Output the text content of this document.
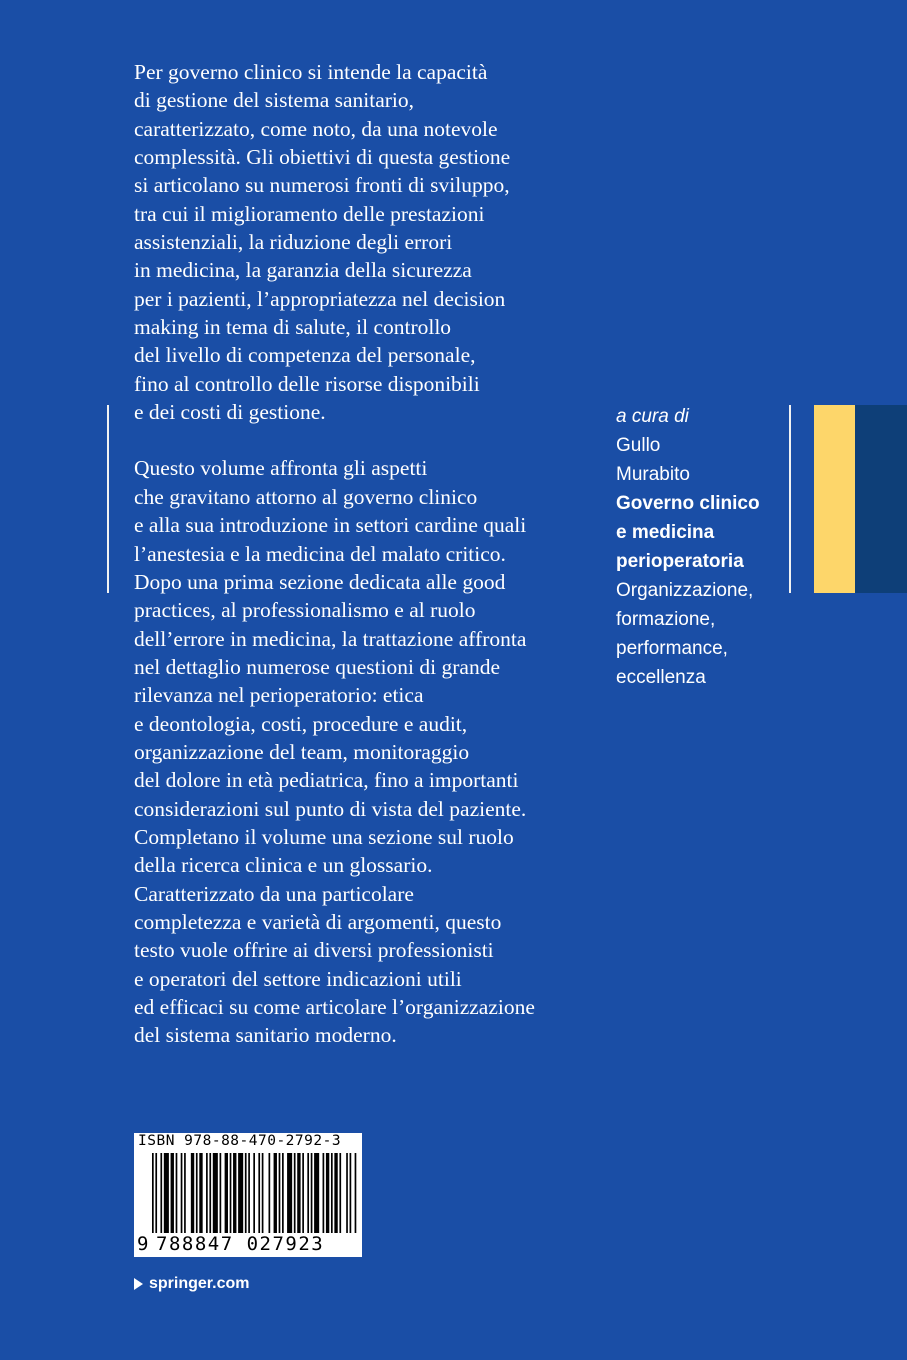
Per governo clinico si intende la capacità
di gestione del sistema sanitario,
caratterizzato, come noto, da una notevole
complessità. Gli obiettivi di questa gestione
si articolano su numerosi fronti di sviluppo,
tra cui il miglioramento delle prestazioni
assistenziali, la riduzione degli errori
in medicina, la garanzia della sicurezza
per i pazienti, l’appropriatezza nel decision
making in tema di salute, il controllo
del livello di competenza del personale,
fino al controllo delle risorse disponibili
e dei costi di gestione.

Questo volume affronta gli aspetti
che gravitano attorno al governo clinico
e alla sua introduzione in settori cardine quali
l’anestesia e la medicina del malato critico.
Dopo una prima sezione dedicata alle good
practices, al professionalismo e al ruolo
dell’errore in medicina, la trattazione affronta
nel dettaglio numerose questioni di grande
rilevanza nel perioperatorio: etica
e deontologia, costi, procedure e audit,
organizzazione del team, monitoraggio
del dolore in età pediatrica, fino a importanti
considerazioni sul punto di vista del paziente.
Completano il volume una sezione sul ruolo
della ricerca clinica e un glossario.
Caratterizzato da una particolare
completezza e varietà di argomenti, questo
testo vuole offrire ai diversi professionisti
e operatori del settore indicazioni utili
ed efficaci su come articolare l’organizzazione
del sistema sanitario moderno.

a cura di
Gullo
Murabito
Governo clinico
e medicina
perioperatoria
Organizzazione,
formazione,
performance,
eccellenza
ISBN 978-88-470-2792-3
9 788847 027923
springer.com
